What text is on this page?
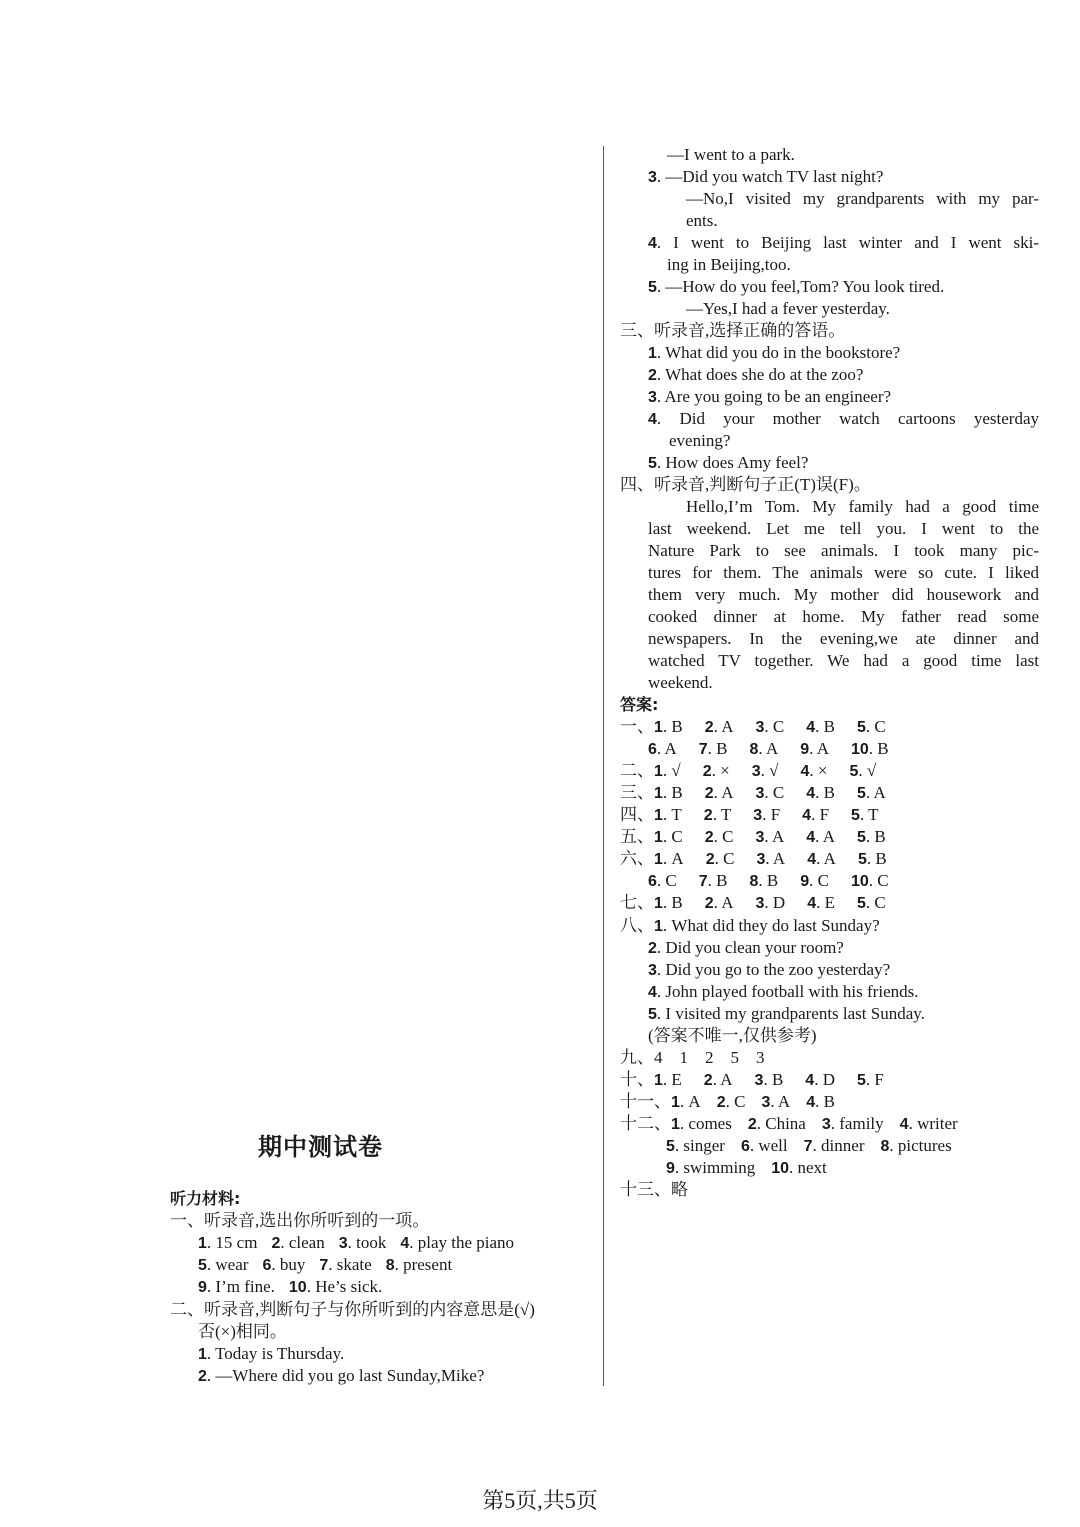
期中测试卷
听力材料:
一、听录音,选出你所听到的一项。
1. 15 cm 2. clean 3. took 4. play the piano
5. wear 6. buy 7. skate 8. present
9. I’m fine. 10. He’s sick.
二、听录音,判断句子与你所听到的内容意思是(√)
否(×)相同。
1. Today is Thursday.
2. —Where did you go last Sunday,Mike?
—I went to a park.
3. —Did you watch TV last night?
—No,I visited my grandparents with my par-
ents.
4. I went to Beijing last winter and I went ski-
ing in Beijing,too.
5. —How do you feel,Tom? You look tired.
—Yes,I had a fever yesterday.
三、听录音,选择正确的答语。
1. What did you do in the bookstore?
2. What does she do at the zoo?
3. Are you going to be an engineer?
4. Did your mother watch cartoons yesterday
evening?
5. How does Amy feel?
四、听录音,判断句子正(T)误(F)。
Hello,I’m Tom. My family had a good time
last weekend. Let me tell you. I went to the
Nature Park to see animals. I took many pic-
tures for them. The animals were so cute. I liked
them very much. My mother did housework and
cooked dinner at home. My father read some
newspapers. In the evening,we ate dinner and
watched TV together. We had a good time last
weekend.
答案:
一、1. B 2. A 3. C 4. B 5. C
6. A 7. B 8. A 9. A 10. B
二、1. √ 2. × 3. √ 4. × 5. √
三、1. B 2. A 3. C 4. B 5. A
四、1. T 2. T 3. F 4. F 5. T
五、1. C 2. C 3. A 4. A 5. B
六、1. A 2. C 3. A 4. A 5. B
6. C 7. B 8. B 9. C 10. C
七、1. B 2. A 3. D 4. E 5. C
八、1. What did they do last Sunday?
2. Did you clean your room?
3. Did you go to the zoo yesterday?
4. John played football with his friends.
5. I visited my grandparents last Sunday.
(答案不唯一,仅供参考)
九、4　1　2　5　3
十、1. E 2. A 3. B 4. D 5. F
十一、1. A 2. C 3. A 4. B
十二、1. comes 2. China 3. family 4. writer
5. singer 6. well 7. dinner 8. pictures
9. swimming 10. next
十三、略
第5页,共5页
